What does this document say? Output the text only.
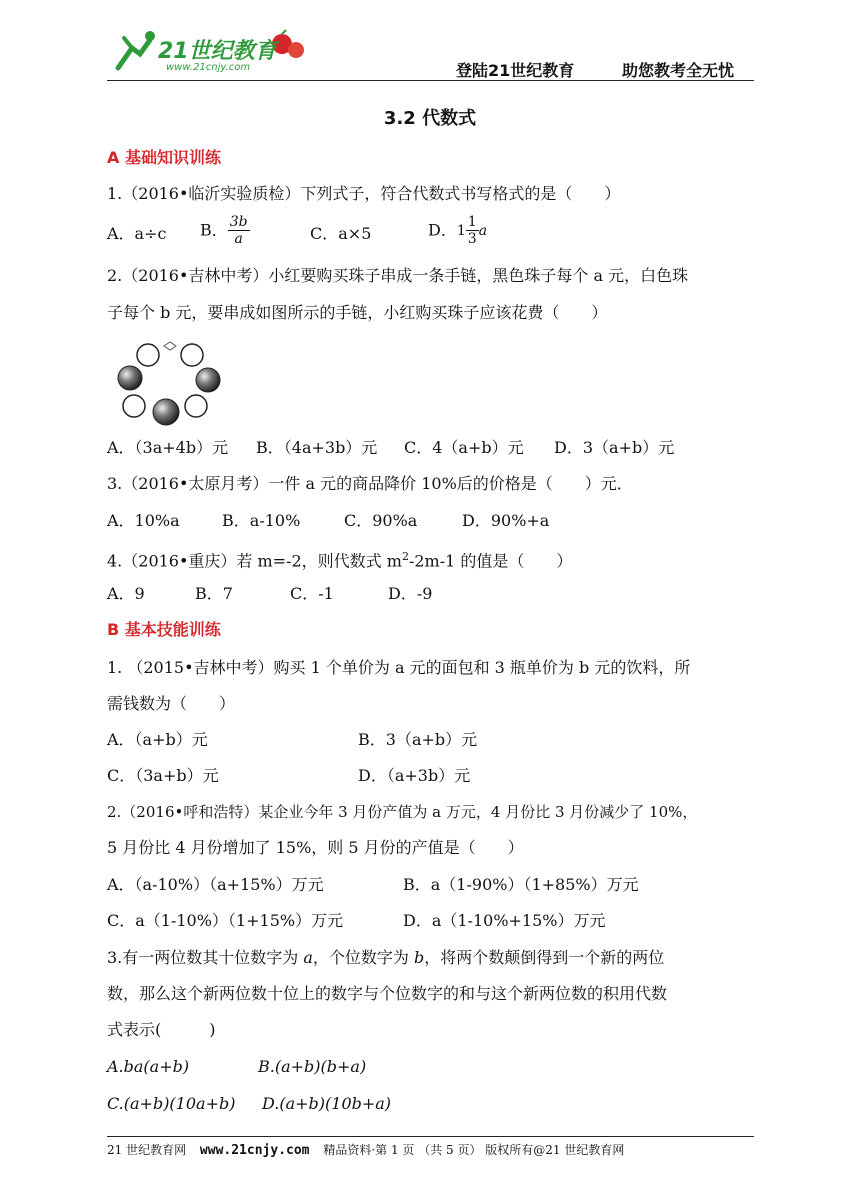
21世纪教育
www.21cnjy.com	登陆21世纪教育	助您教考全无忧
3.2 代数式
A 基础知识训练
1.（2016•临沂实验质检）下列式子，符合代数式书写格式的是（　　）
A．a÷c B． $\frac{3b}{a}$	C．a×5	D． $1 \frac{1}{3}$ a
2.（2016•吉林中考）小红要购买珠子串成一条手链，黑色珠子每个 a 元，白色珠
子每个 b 元，要串成如图所示的手链，小红购买珠子应该花费（　　）
A．（3a+4b）元 B．（4a+3b）元 C．4（a+b）元 D．3（a+b）元
3.（2016•太原月考）一件 a 元的商品降价 10%后的价格是（　　）元．
A．10%a	B．a-10%	C．90%a	D．90%+a
4.（2016•重庆）若 m=-2，则代数式 $m^2-2m-1$ 的值是（　　）
A．9	B．7	C．-1	D．-9
B 基本技能训练
1. （2015•吉林中考）购买 1 个单价为 a 元的面包和 3 瓶单价为 b 元的饮料，所
需钱数为（　　）
A．（a+b）元	B．3（a+b）元
C．（3a+b）元	D．（a+3b）元
2.（2016•呼和浩特）某企业今年 3 月份产值为 a 万元，4 月份比 3 月份减少了 10%，
5 月份比 4 月份增加了 15%，则 5 月份的产值是（　　）
A．（a-10%）（a+15%）万元	B．a（1-90%）（1+85%）万元
C．a（1-10%）（1+15%）万元	D．a（1-10%+15%）万元
3.有一两位数其十位数字为 a，个位数字为 b，将两个数颠倒得到一个新的两位
数，那么这个新两位数十位上的数字与个位数字的和与这个新两位数的积用代数
式表示(　　　)
A.ba(a+b)	B.(a+b)(b+a)
C.(a+b)(10a+b) D.(a+b)(10b+a)
21 世纪教育网 www.21cnjy.com 精品资料·第 1 页 （共 5 页） 版权所有@21 世纪教育网
